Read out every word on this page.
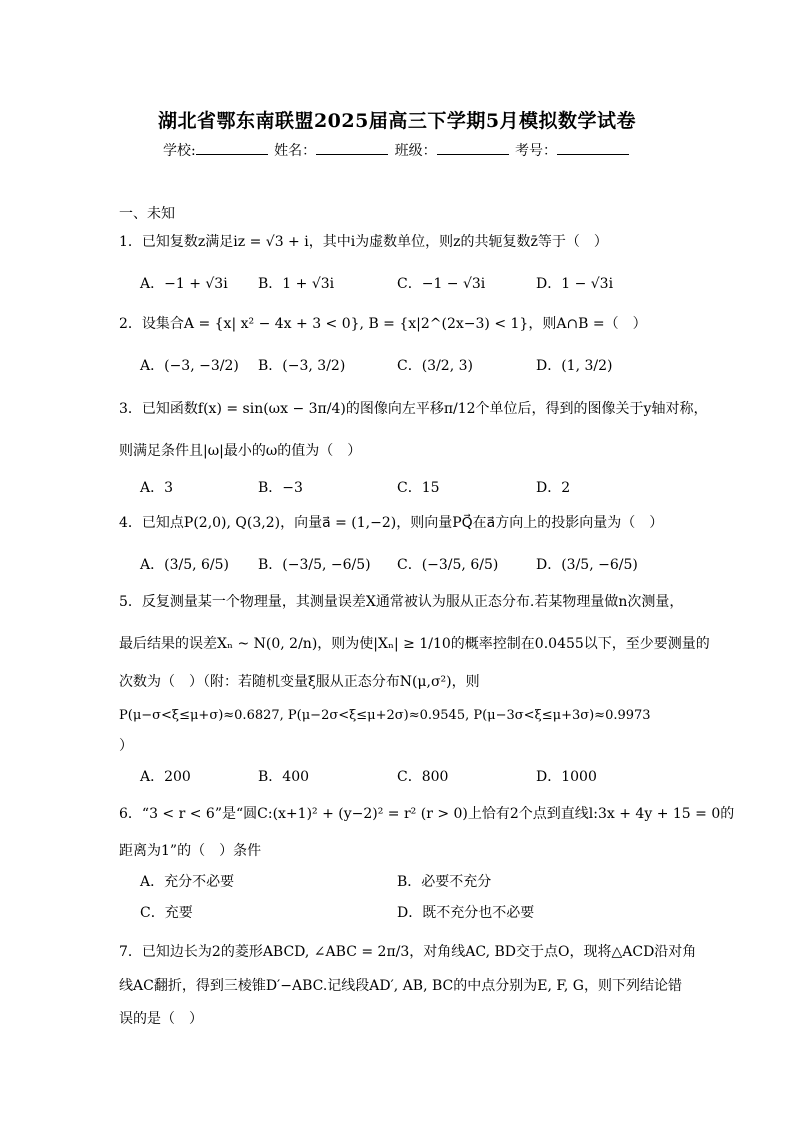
湖北省鄂东南联盟2025届高三下学期5月模拟数学试卷
学校:	姓名：	班级：	考号：
一、未知
1．已知复数z满足iz = √3 + i，其中i为虚数单位，则z的共轭复数z̄等于（　）
A．−1 + √3i B．1 + √3i	C．−1 − √3i	D．1 − √3i
2．设集合A = {x| x² − 4x + 3 < 0}, B = {x|2^(2x−3) < 1}，则A∩B =（　）
A．(−3, −3/2) B．(−3, 3/2)	C．(3/2, 3)	D．(1, 3/2)
3．已知函数f(x) = sin(ωx − 3π/4)的图像向左平移π/12个单位后，得到的图像关于y轴对称，
则满足条件且|ω|最小的ω的值为（　）
A．3	B．−3	C．15	D．2
4．已知点P(2,0), Q(3,2)，向量a⃗ = (1,−2)，则向量PQ⃗在a⃗方向上的投影向量为（　）
A．(3/5, 6/5) B．(−3/5, −6/5) C．(−3/5, 6/5)	D．(3/5, −6/5)
5．反复测量某一个物理量，其测量误差X通常被认为服从正态分布.若某物理量做n次测量，
最后结果的误差Xₙ ~ N(0, 2/n)，则为使|Xₙ| ≥ 1/10的概率控制在0.0455以下，至少要测量的
次数为（　）（附：若随机变量ξ服从正态分布N(μ,σ²)，则
P(μ−σ<ξ≤μ+σ)≈0.6827, P(μ−2σ<ξ≤μ+2σ)≈0.9545, P(μ−3σ<ξ≤μ+3σ)≈0.9973
）
A．200	B．400	C．800	D．1000
6．“3 < r < 6”是“圆C:(x+1)² + (y−2)² = r² (r > 0)上恰有2个点到直线l:3x + 4y + 15 = 0的
距离为1”的（　）条件
A．充分不必要	B．必要不充分
C．充要	D．既不充分也不必要
7．已知边长为2的菱形ABCD, ∠ABC = 2π/3，对角线AC, BD交于点O，现将△ACD沿对角
线AC翻折，得到三棱锥D′−ABC.记线段AD′, AB, BC的中点分别为E, F, G，则下列结论错
误的是（　）
